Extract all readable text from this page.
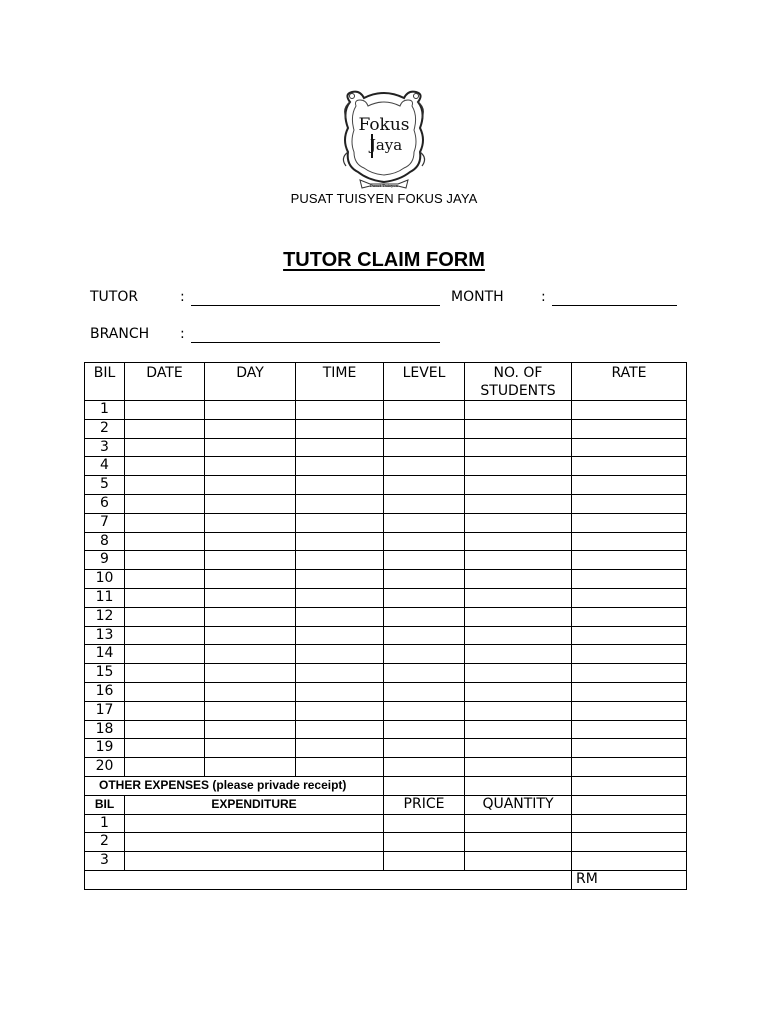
Pusat Tuisyen
Fokus
Jaya
PUSAT TUISYEN FOKUS JAYA
TUTOR CLAIM FORM
TUTOR	:	MONTH	:
BRANCH :
BIL	DATE	DAY	TIME	LEVEL	NO. OF STUDENTS	RATE
1						
2						
3						
4						
5						
6						
7						
8						
9						
10						
11						
12						
13						
14						
15						
16						
17						
18						
19						
20						
OTHER EXPENSES (please privade receipt)						
BIL	EXPENDITURE			PRICE	QUANTITY	
1						
2						
3						
						RM
